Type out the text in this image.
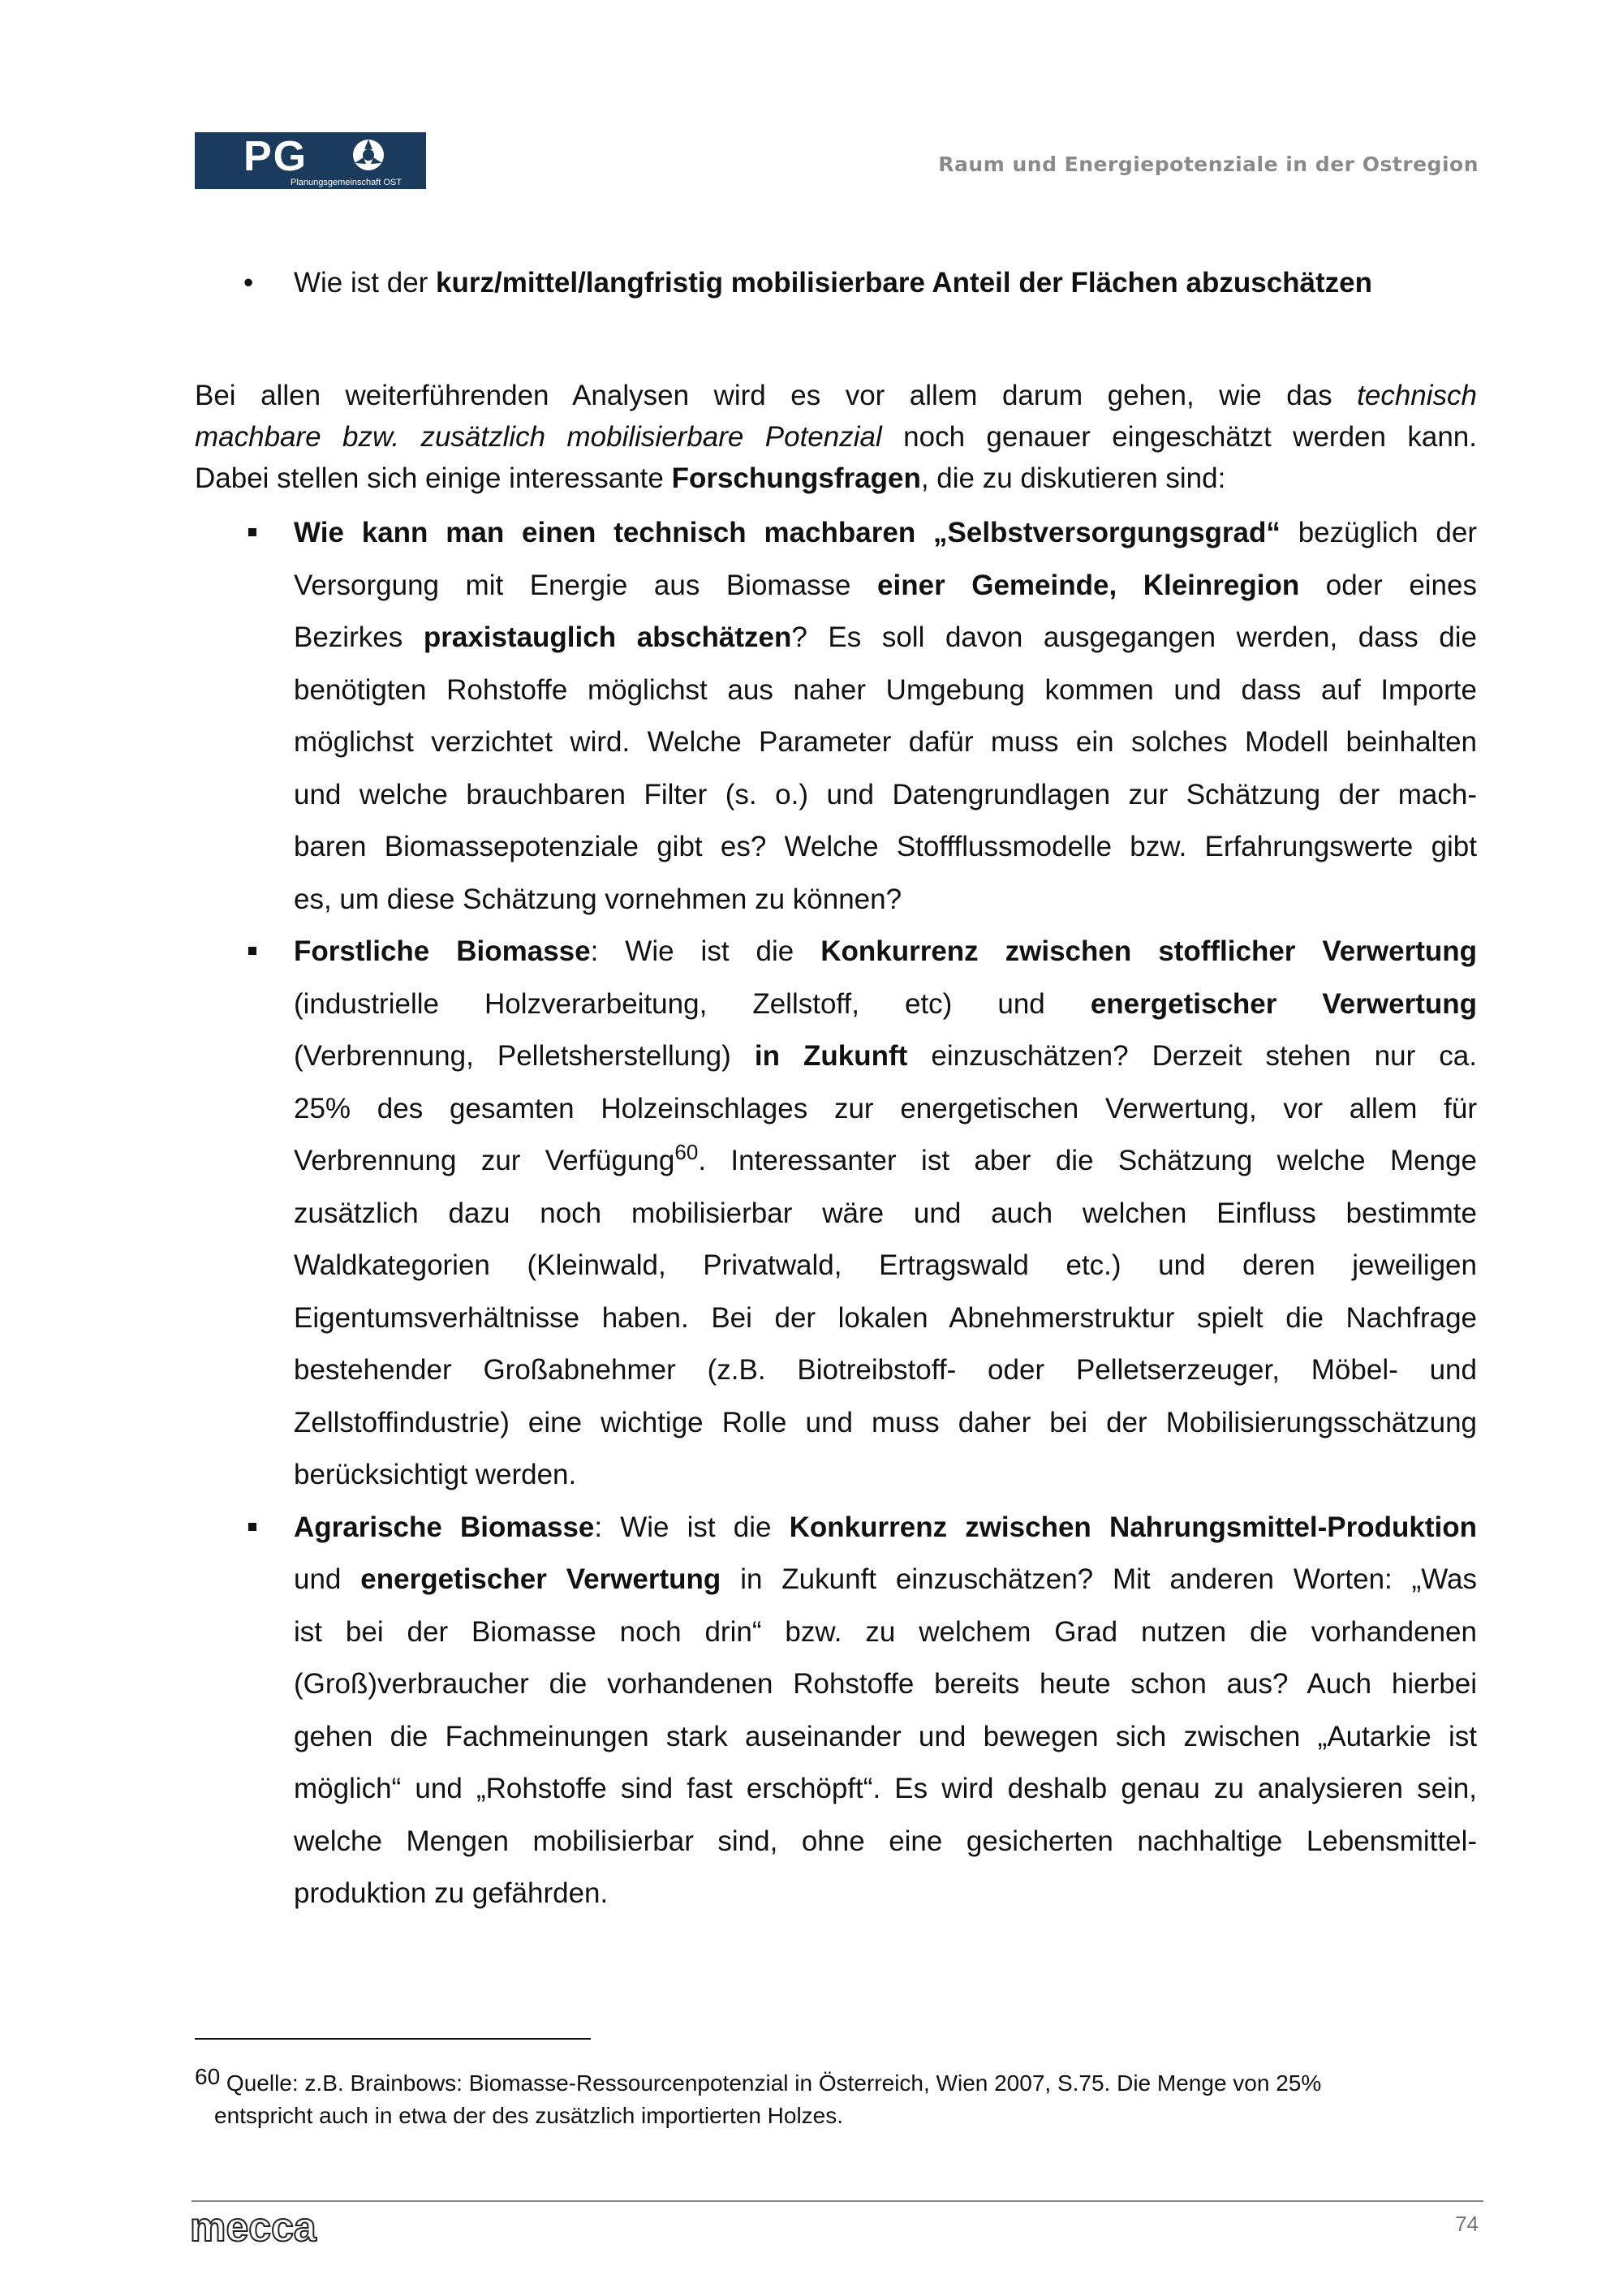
PG
Planungsgemeinschaft OST
Raum und Energiepotenziale in der Ostregion
• Wie ist der kurz/mittel/langfristig mobilisierbare Anteil der Flächen abzuschätzen
Bei allen weiterführenden Analysen wird es vor allem darum gehen, wie das technisch
machbare bzw. zusätzlich mobilisierbare Potenzial noch genauer eingeschätzt werden kann.
Dabei stellen sich einige interessante Forschungsfragen, die zu diskutieren sind:
Wie kann man einen technisch machbaren „Selbstversorgungsgrad“ bezüglich der
Versorgung mit Energie aus Biomasse einer Gemeinde, Kleinregion oder eines
Bezirkes praxistauglich abschätzen? Es soll davon ausgegangen werden, dass die
benötigten Rohstoffe möglichst aus naher Umgebung kommen und dass auf Importe
möglichst verzichtet wird. Welche Parameter dafür muss ein solches Modell beinhalten
und welche brauchbaren Filter (s. o.) und Datengrundlagen zur Schätzung der mach-
baren Biomassepotenziale gibt es? Welche Stoffflussmodelle bzw. Erfahrungswerte gibt
es, um diese Schätzung vornehmen zu können?
Forstliche Biomasse: Wie ist die Konkurrenz zwischen stofflicher Verwertung
(industrielle Holzverarbeitung, Zellstoff, etc) und energetischer Verwertung
(Verbrennung, Pelletsherstellung) in Zukunft einzuschätzen? Derzeit stehen nur ca.
25% des gesamten Holzeinschlages zur energetischen Verwertung, vor allem für
Verbrennung zur Verfügung$^{60}$. Interessanter ist aber die Schätzung welche Menge
zusätzlich dazu noch mobilisierbar wäre und auch welchen Einfluss bestimmte
Waldkategorien (Kleinwald, Privatwald, Ertragswald etc.) und deren jeweiligen
Eigentumsverhältnisse haben. Bei der lokalen Abnehmerstruktur spielt die Nachfrage
bestehender Großabnehmer (z.B. Biotreibstoff- oder Pelletserzeuger, Möbel- und
Zellstoffindustrie) eine wichtige Rolle und muss daher bei der Mobilisierungsschätzung
berücksichtigt werden.
Agrarische Biomasse: Wie ist die Konkurrenz zwischen Nahrungsmittel-Produktion
und energetischer Verwertung in Zukunft einzuschätzen? Mit anderen Worten: „Was
ist bei der Biomasse noch drin“ bzw. zu welchem Grad nutzen die vorhandenen
(Groß)verbraucher die vorhandenen Rohstoffe bereits heute schon aus? Auch hierbei
gehen die Fachmeinungen stark auseinander und bewegen sich zwischen „Autarkie ist
möglich“ und „Rohstoffe sind fast erschöpft“. Es wird deshalb genau zu analysieren sein,
welche Mengen mobilisierbar sind, ohne eine gesicherten nachhaltige Lebensmittel-
produktion zu gefährden.
60 Quelle: z.B. Brainbows: Biomasse-Ressourcenpotenzial in Österreich, Wien 2007, S.75. Die Menge von 25%
entspricht auch in etwa der des zusätzlich importierten Holzes.
mecca	74
